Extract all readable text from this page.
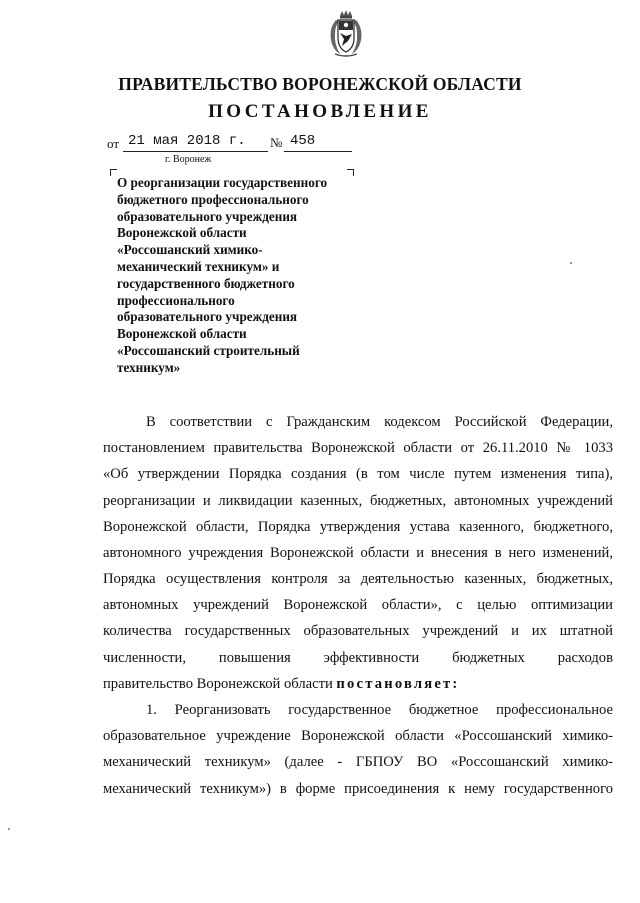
ПРАВИТЕЛЬСТВО ВОРОНЕЖСКОЙ ОБЛАСТИ
ПОСТАНОВЛЕНИЕ
от 21 мая 2018 г. № 458
г. Воронеж
О реорганизации государственного
бюджетного профессионального
образовательного учреждения
Воронежской области
«Россошанский химико-
механический техникум» и
государственного бюджетного
профессионального
образовательного учреждения
Воронежской области
«Россошанский строительный
техникум»
В соответствии с Гражданским кодексом Российской Федерации,
постановлением правительства Воронежской области от 26.11.2010 № 1033
«Об утверждении Порядка создания (в том числе путем изменения типа),
реорганизации и ликвидации казенных, бюджетных, автономных учреждений
Воронежской области, Порядка утверждения устава казенного, бюджетного,
автономного учреждения Воронежской области и внесения в него изменений,
Порядка осуществления контроля за деятельностью казенных, бюджетных,
автономных учреждений Воронежской области», с целью оптимизации
количества государственных образовательных учреждений и их штатной
численности, повышения эффективности бюджетных расходов
правительство Воронежской области постановляет:
1. Реорганизовать государственное бюджетное профессиональное
образовательное учреждение Воронежской области «Россошанский химико-
механический техникум» (далее - ГБПОУ ВО «Россошанский химико-
механический техникум») в форме присоединения к нему государственного
